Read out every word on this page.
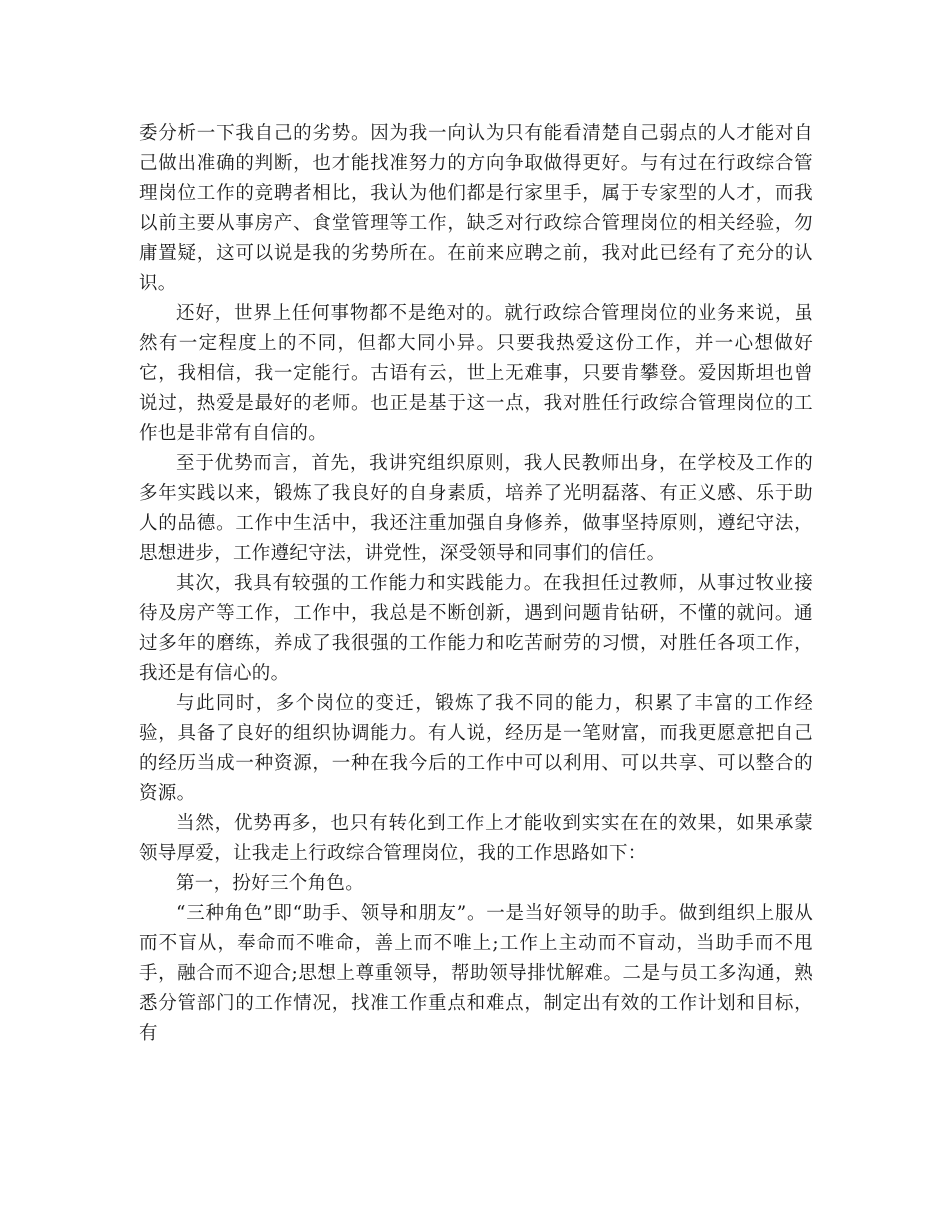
委分析一下我自己的劣势。因为我一向认为只有能看清楚自己弱点的人才能对自己做出准确的判断，也才能找准努力的方向争取做得更好。与有过在行政综合管理岗位工作的竞聘者相比，我认为他们都是行家里手，属于专家型的人才，而我以前主要从事房产、食堂管理等工作，缺乏对行政综合管理岗位的相关经验，勿庸置疑，这可以说是我的劣势所在。在前来应聘之前，我对此已经有了充分的认识。

还好，世界上任何事物都不是绝对的。就行政综合管理岗位的业务来说，虽然有一定程度上的不同，但都大同小异。只要我热爱这份工作，并一心想做好它，我相信，我一定能行。古语有云，世上无难事，只要肯攀登。爱因斯坦也曾说过，热爱是最好的老师。也正是基于这一点，我对胜任行政综合管理岗位的工作也是非常有自信的。

至于优势而言，首先，我讲究组织原则，我人民教师出身，在学校及工作的多年实践以来，锻炼了我良好的自身素质，培养了光明磊落、有正义感、乐于助人的品德。工作中生活中，我还注重加强自身修养，做事坚持原则，遵纪守法，思想进步，工作遵纪守法，讲党性，深受领导和同事们的信任。

其次，我具有较强的工作能力和实践能力。在我担任过教师，从事过牧业接待及房产等工作，工作中，我总是不断创新，遇到问题肯钻研，不懂的就问。通过多年的磨练，养成了我很强的工作能力和吃苦耐劳的习惯，对胜任各项工作，我还是有信心的。

与此同时，多个岗位的变迁，锻炼了我不同的能力，积累了丰富的工作经验，具备了良好的组织协调能力。有人说，经历是一笔财富，而我更愿意把自己的经历当成一种资源，一种在我今后的工作中可以利用、可以共享、可以整合的资源。

当然，优势再多，也只有转化到工作上才能收到实实在在的效果，如果承蒙领导厚爱，让我走上行政综合管理岗位，我的工作思路如下：

第一，扮好三个角色。

“三种角色”即“助手、领导和朋友”。一是当好领导的助手。做到组织上服从而不盲从，奉命而不唯命，善上而不唯上;工作上主动而不盲动，当助手而不甩手，融合而不迎合;思想上尊重领导，帮助领导排忧解难。二是与员工多沟通，熟悉分管部门的工作情况，找准工作重点和难点，制定出有效的工作计划和目标，有
